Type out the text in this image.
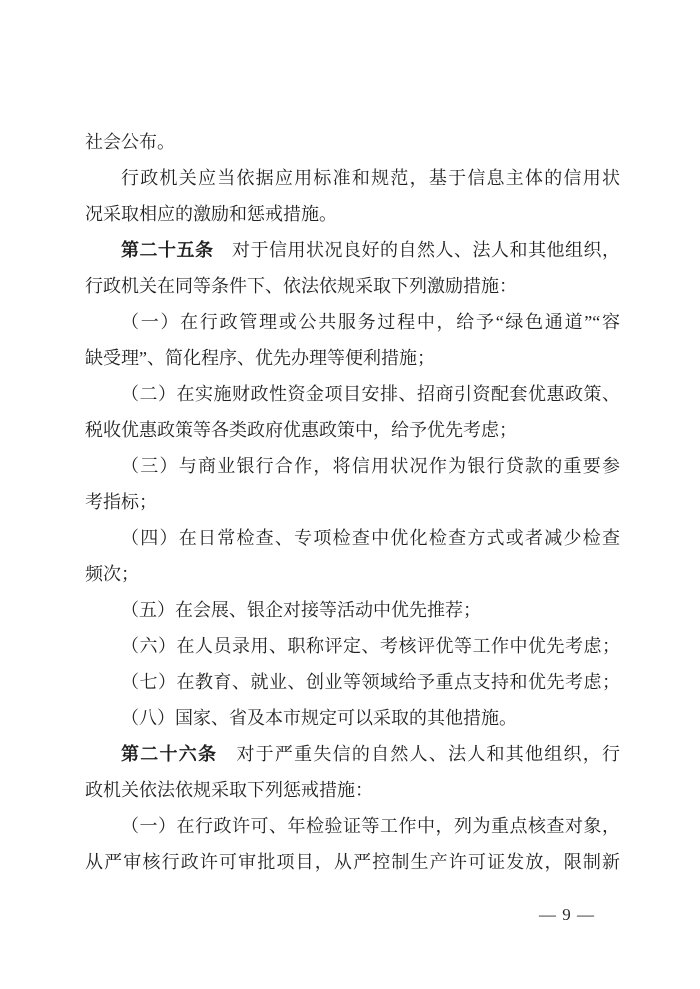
社会公布。
行政机关应当依据应用标准和规范，基于信息主体的信用状
况采取相应的激励和惩戒措施。
第二十五条　对于信用状况良好的自然人、法人和其他组织，
行政机关在同等条件下、依法依规采取下列激励措施：
（一）在行政管理或公共服务过程中，给予“绿色通道”“容
缺受理”、简化程序、优先办理等便利措施；
（二）在实施财政性资金项目安排、招商引资配套优惠政策、
税收优惠政策等各类政府优惠政策中，给予优先考虑；
（三）与商业银行合作，将信用状况作为银行贷款的重要参
考指标；
（四）在日常检查、专项检查中优化检查方式或者减少检查
频次；
（五）在会展、银企对接等活动中优先推荐；
（六）在人员录用、职称评定、考核评优等工作中优先考虑；
（七）在教育、就业、创业等领域给予重点支持和优先考虑；
（八）国家、省及本市规定可以采取的其他措施。
第二十六条　对于严重失信的自然人、法人和其他组织，行
政机关依法依规采取下列惩戒措施：
（一）在行政许可、年检验证等工作中，列为重点核查对象，
从严审核行政许可审批项目，从严控制生产许可证发放，限制新
— 9 —
